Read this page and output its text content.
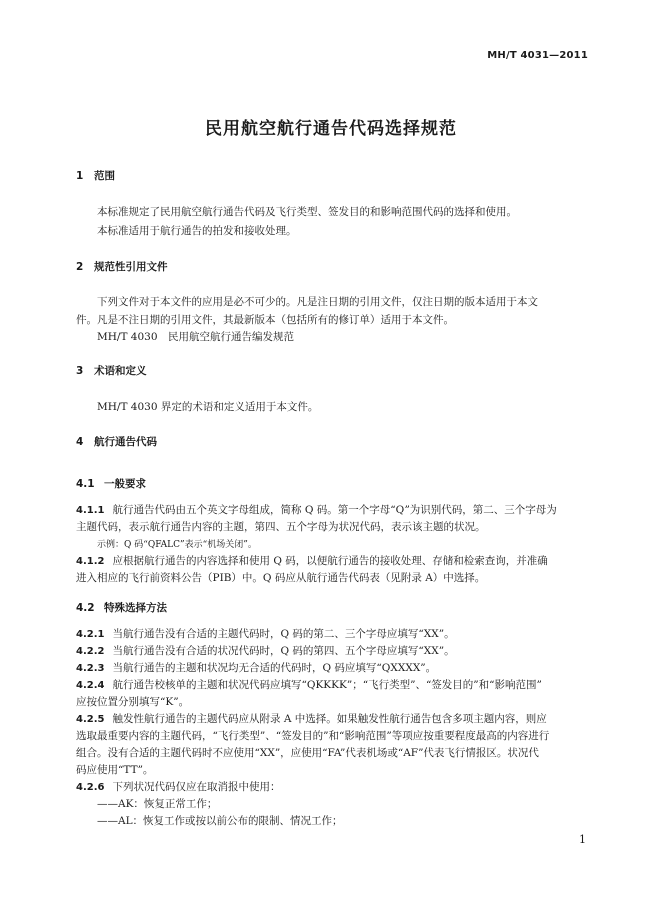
MH/T 4031—2011
民用航空航行通告代码选择规范
1 范围
本标准规定了民用航空航行通告代码及飞行类型、签发目的和影响范围代码的选择和使用。
本标准适用于航行通告的拍发和接收处理。
2 规范性引用文件
下列文件对于本文件的应用是必不可少的。凡是注日期的引用文件，仅注日期的版本适用于本文
件。凡是不注日期的引用文件，其最新版本（包括所有的修订单）适用于本文件。
MH/T 4030　民用航空航行通告编发规范
3 术语和定义
MH/T 4030 界定的术语和定义适用于本文件。
4 航行通告代码
4.1 一般要求
4.1.1 航行通告代码由五个英文字母组成，简称 Q 码。第一个字母“Q”为识别代码，第二、三个字母为
主题代码，表示航行通告内容的主题，第四、五个字母为状况代码，表示该主题的状况。
示例：Q 码“QFALC”表示“机场关闭”。
4.1.2 应根据航行通告的内容选择和使用 Q 码，以便航行通告的接收处理、存储和检索查询，并准确
进入相应的飞行前资料公告（PIB）中。Q 码应从航行通告代码表（见附录 A）中选择。
4.2 特殊选择方法
4.2.1 当航行通告没有合适的主题代码时，Q 码的第二、三个字母应填写“XX”。
4.2.2 当航行通告没有合适的状况代码时，Q 码的第四、五个字母应填写“XX”。
4.2.3 当航行通告的主题和状况均无合适的代码时，Q 码应填写“QXXXX”。
4.2.4 航行通告校核单的主题和状况代码应填写“QKKKK”；“飞行类型”、“签发目的”和“影响范围”
应按位置分别填写“K”。
4.2.5 触发性航行通告的主题代码应从附录 A 中选择。如果触发性航行通告包含多项主题内容，则应
选取最重要内容的主题代码，“飞行类型”、“签发目的”和“影响范围”等项应按重要程度最高的内容进行
组合。没有合适的主题代码时不应使用“XX”，应使用“FA”代表机场或“AF”代表飞行情报区。状况代
码应使用“TT”。
4.2.6 下列状况代码仅应在取消报中使用：
——AK：恢复正常工作；
——AL：恢复工作或按以前公布的限制、情况工作；
1
